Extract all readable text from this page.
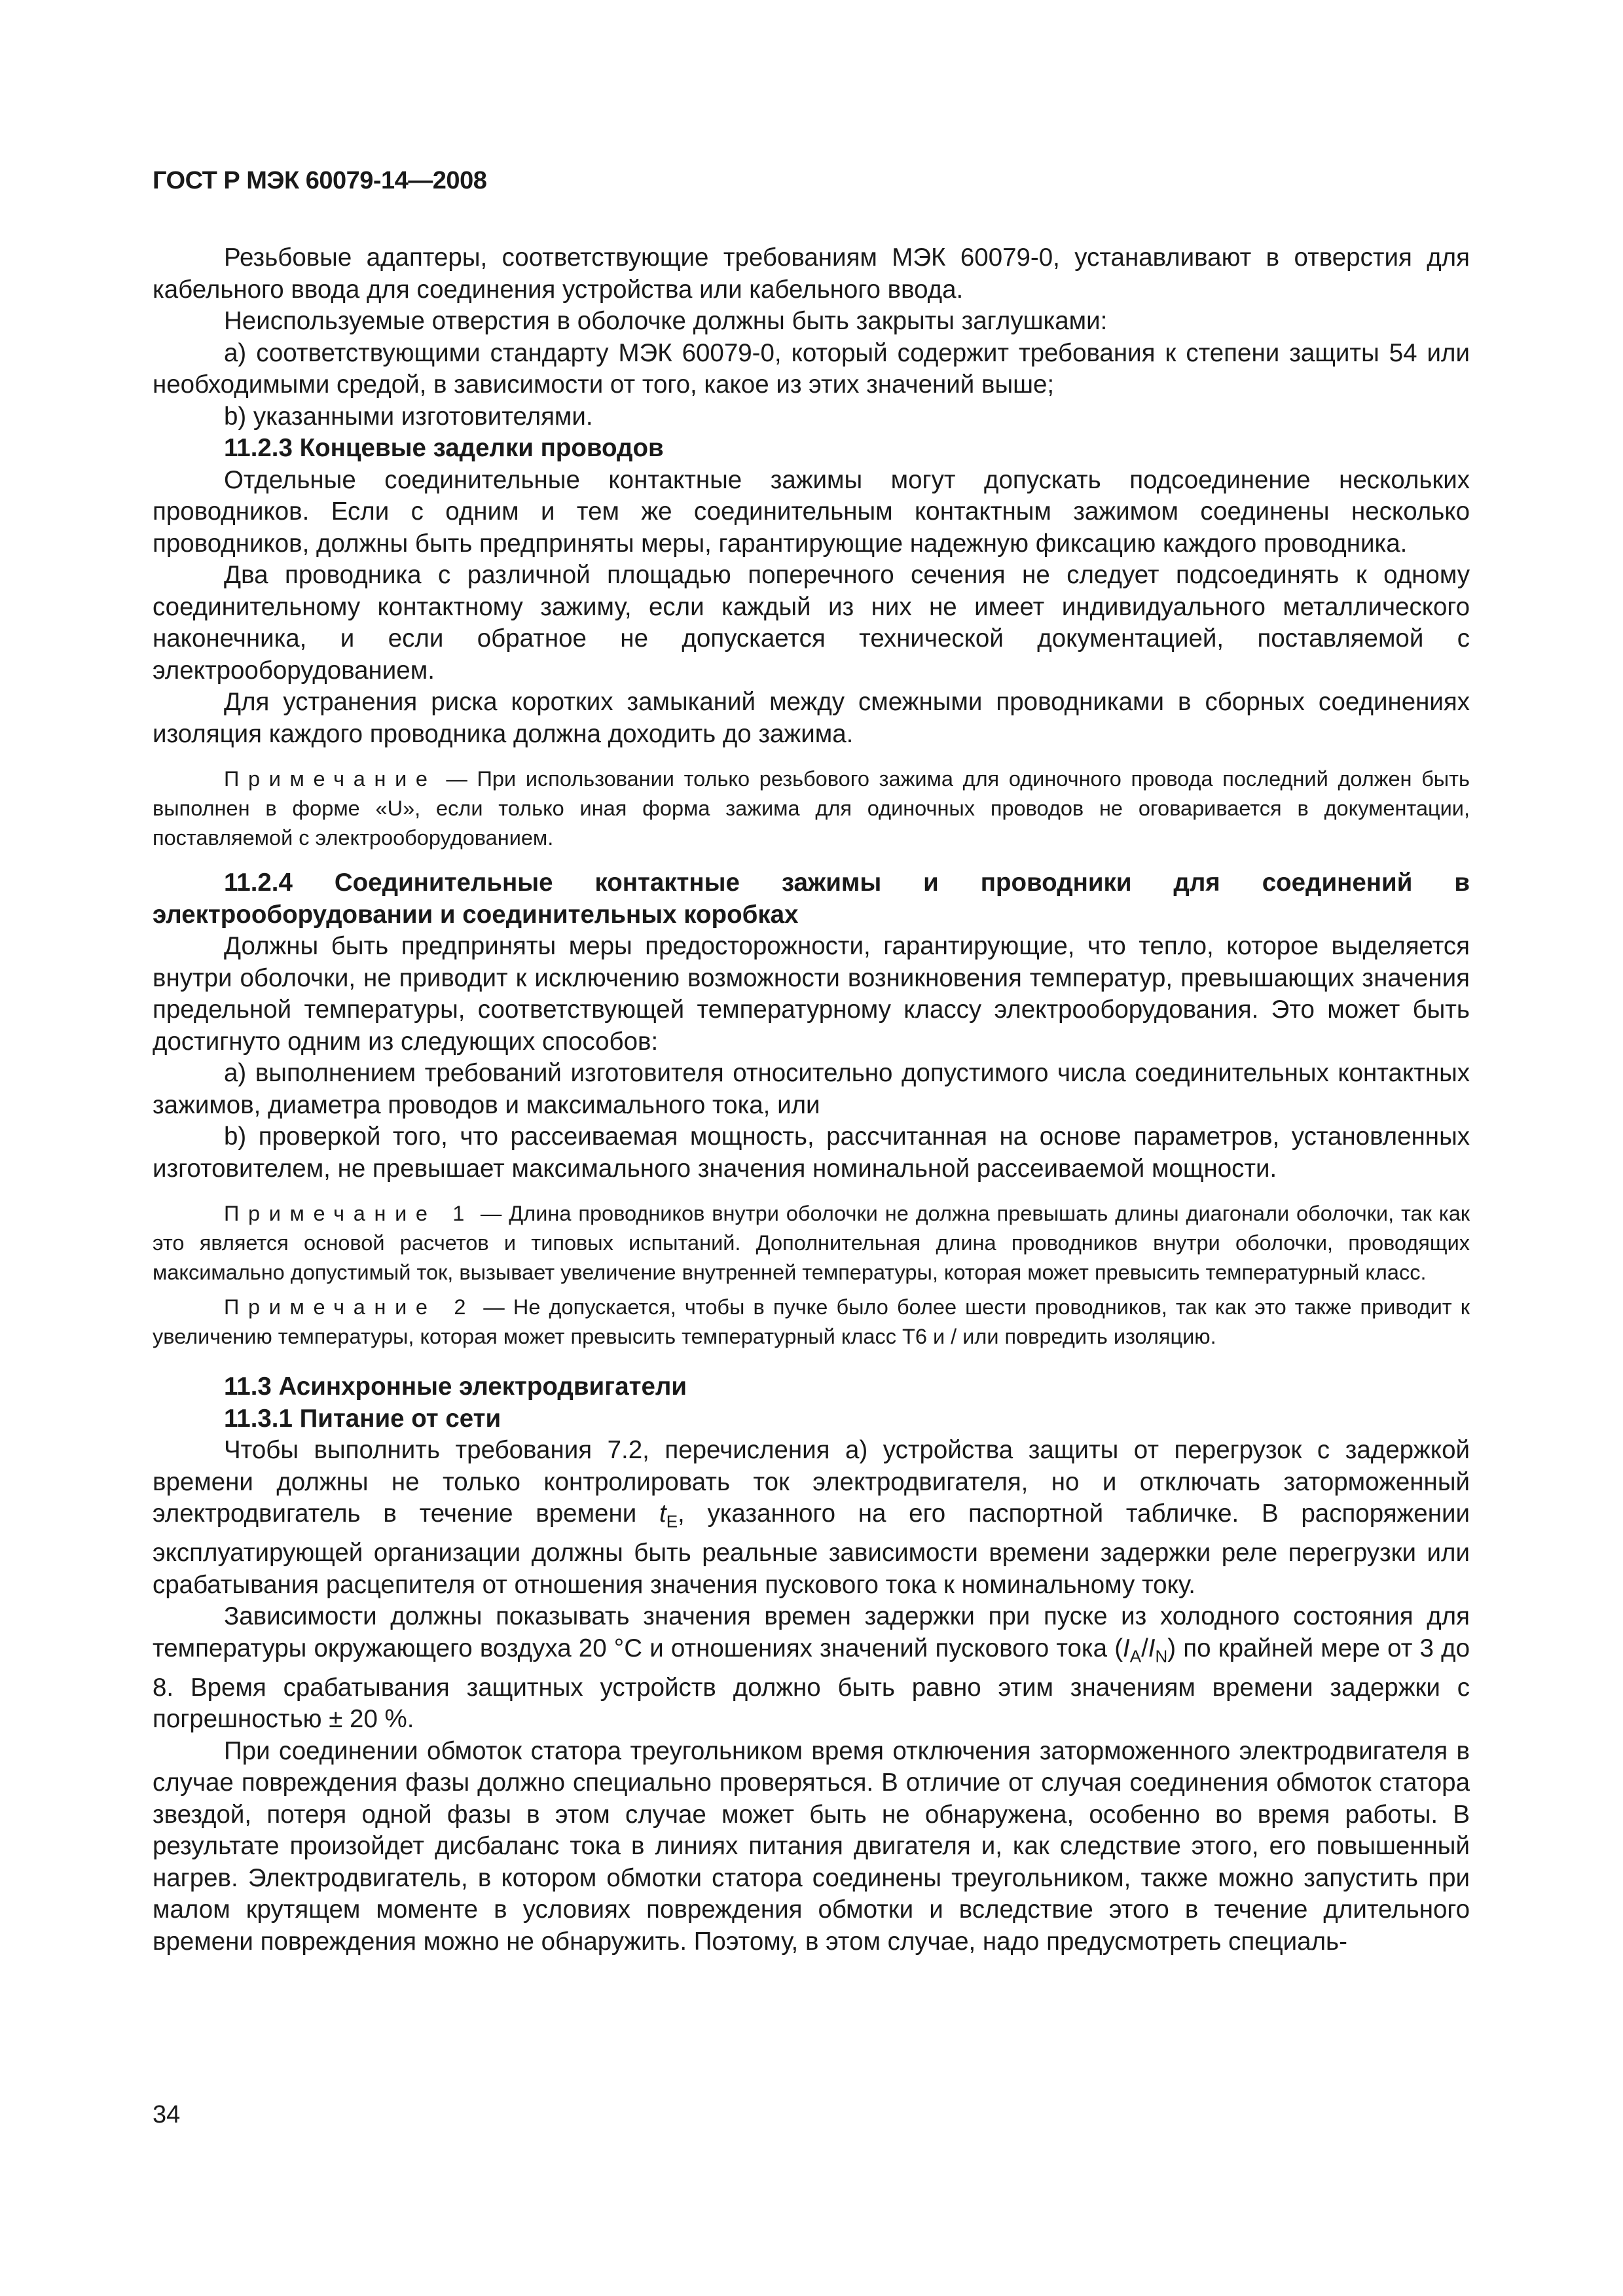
ГОСТ Р МЭК 60079-14—2008

Резьбовые адаптеры, соответствующие требованиям МЭК 60079-0, устанавливают в отверстия для кабельного ввода для соединения устройства или кабельного ввода.

Неиспользуемые отверстия в оболочке должны быть закрыты заглушками:

а) соответствующими стандарту МЭК 60079-0, который содержит требования к степени защиты 54 или необходимыми средой, в зависимости от того, какое из этих значений выше;

b) указанными изготовителями.

11.2.3 Концевые заделки проводов

Отдельные соединительные контактные зажимы могут допускать подсоединение нескольких проводников. Если с одним и тем же соединительным контактным зажимом соединены несколько проводников, должны быть предприняты меры, гарантирующие надежную фиксацию каждого проводника.

Два проводника с различной площадью поперечного сечения не следует подсоединять к одному соединительному контактному зажиму, если каждый из них не имеет индивидуального металлического наконечника, и если обратное не допускается технической документацией, поставляемой с электрооборудованием.

Для устранения риска коротких замыканий между смежными проводниками в сборных соединениях изоляция каждого проводника должна доходить до зажима.

Примечание — При использовании только резьбового зажима для одиночного провода последний должен быть выполнен в форме «U», если только иная форма зажима для одиночных проводов не оговаривается в документации, поставляемой с электрооборудованием.

11.2.4 Соединительные контактные зажимы и проводники для соединений в электрооборудовании и соединительных коробках

Должны быть предприняты меры предосторожности, гарантирующие, что тепло, которое выделяется внутри оболочки, не приводит к исключению возможности возникновения температур, превышающих значения предельной температуры, соответствующей температурному классу электрооборудования. Это может быть достигнуто одним из следующих способов:

а) выполнением требований изготовителя относительно допустимого числа соединительных контактных зажимов, диаметра проводов и максимального тока, или

b) проверкой того, что рассеиваемая мощность, рассчитанная на основе параметров, установленных изготовителем, не превышает максимального значения номинальной рассеиваемой мощности.

Примечание 1 — Длина проводников внутри оболочки не должна превышать длины диагонали оболочки, так как это является основой расчетов и типовых испытаний. Дополнительная длина проводников внутри оболочки, проводящих максимально допустимый ток, вызывает увеличение внутренней температуры, которая может превысить температурный класс.

Примечание 2 — Не допускается, чтобы в пучке было более шести проводников, так как это также приводит к увеличению температуры, которая может превысить температурный класс Т6 и / или повредить изоляцию.

11.3 Асинхронные электродвигатели

11.3.1 Питание от сети

Чтобы выполнить требования 7.2, перечисления а) устройства защиты от перегрузок с задержкой времени должны не только контролировать ток электродвигателя, но и отключать заторможенный электродвигатель в течение времени $t_E$, указанного на его паспортной табличке. В распоряжении эксплуатирующей организации должны быть реальные зависимости времени задержки реле перегрузки или срабатывания расцепителя от отношения значения пускового тока к номинальному току.

Зависимости должны показывать значения времен задержки при пуске из холодного состояния для температуры окружающего воздуха 20 °С и отношениях значений пускового тока $(I_A/I_N)$ по крайней мере от 3 до 8. Время срабатывания защитных устройств должно быть равно этим значениям времени задержки с погрешностью ± 20 %.

При соединении обмоток статора треугольником время отключения заторможенного электродвигателя в случае повреждения фазы должно специально проверяться. В отличие от случая соединения обмоток статора звездой, потеря одной фазы в этом случае может быть не обнаружена, особенно во время работы. В результате произойдет дисбаланс тока в линиях питания двигателя и, как следствие этого, его повышенный нагрев. Электродвигатель, в котором обмотки статора соединены треугольником, также можно запустить при малом крутящем моменте в условиях повреждения обмотки и вследствие этого в течение длительного времени повреждения можно не обнаружить. Поэтому, в этом случае, надо предусмотреть специаль-

34
